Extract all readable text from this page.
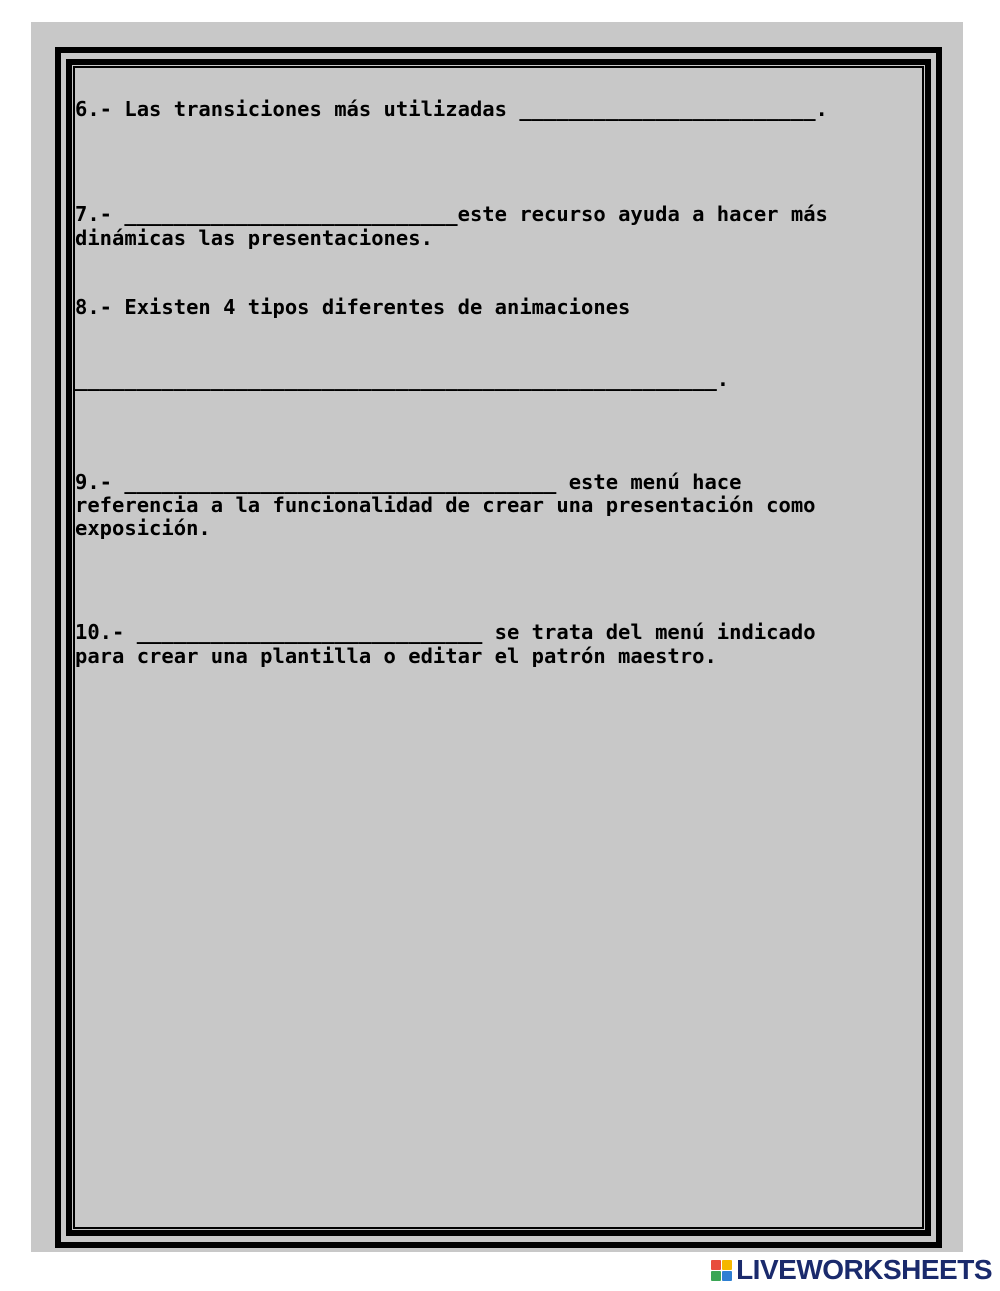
6.- Las transiciones más utilizadas ________________________.

7.- ___________________________este recurso ayuda a hacer más

dinámicas las presentaciones.

8.- Existen 4 tipos diferentes de animaciones

____________________________________________________.

9.- ___________________________________ este menú hace

referencia a la funcionalidad de crear una presentación como

exposición.

10.- ____________________________ se trata del menú indicado

para crear una plantilla o editar el patrón maestro.

LIVEWORKSHEETS
